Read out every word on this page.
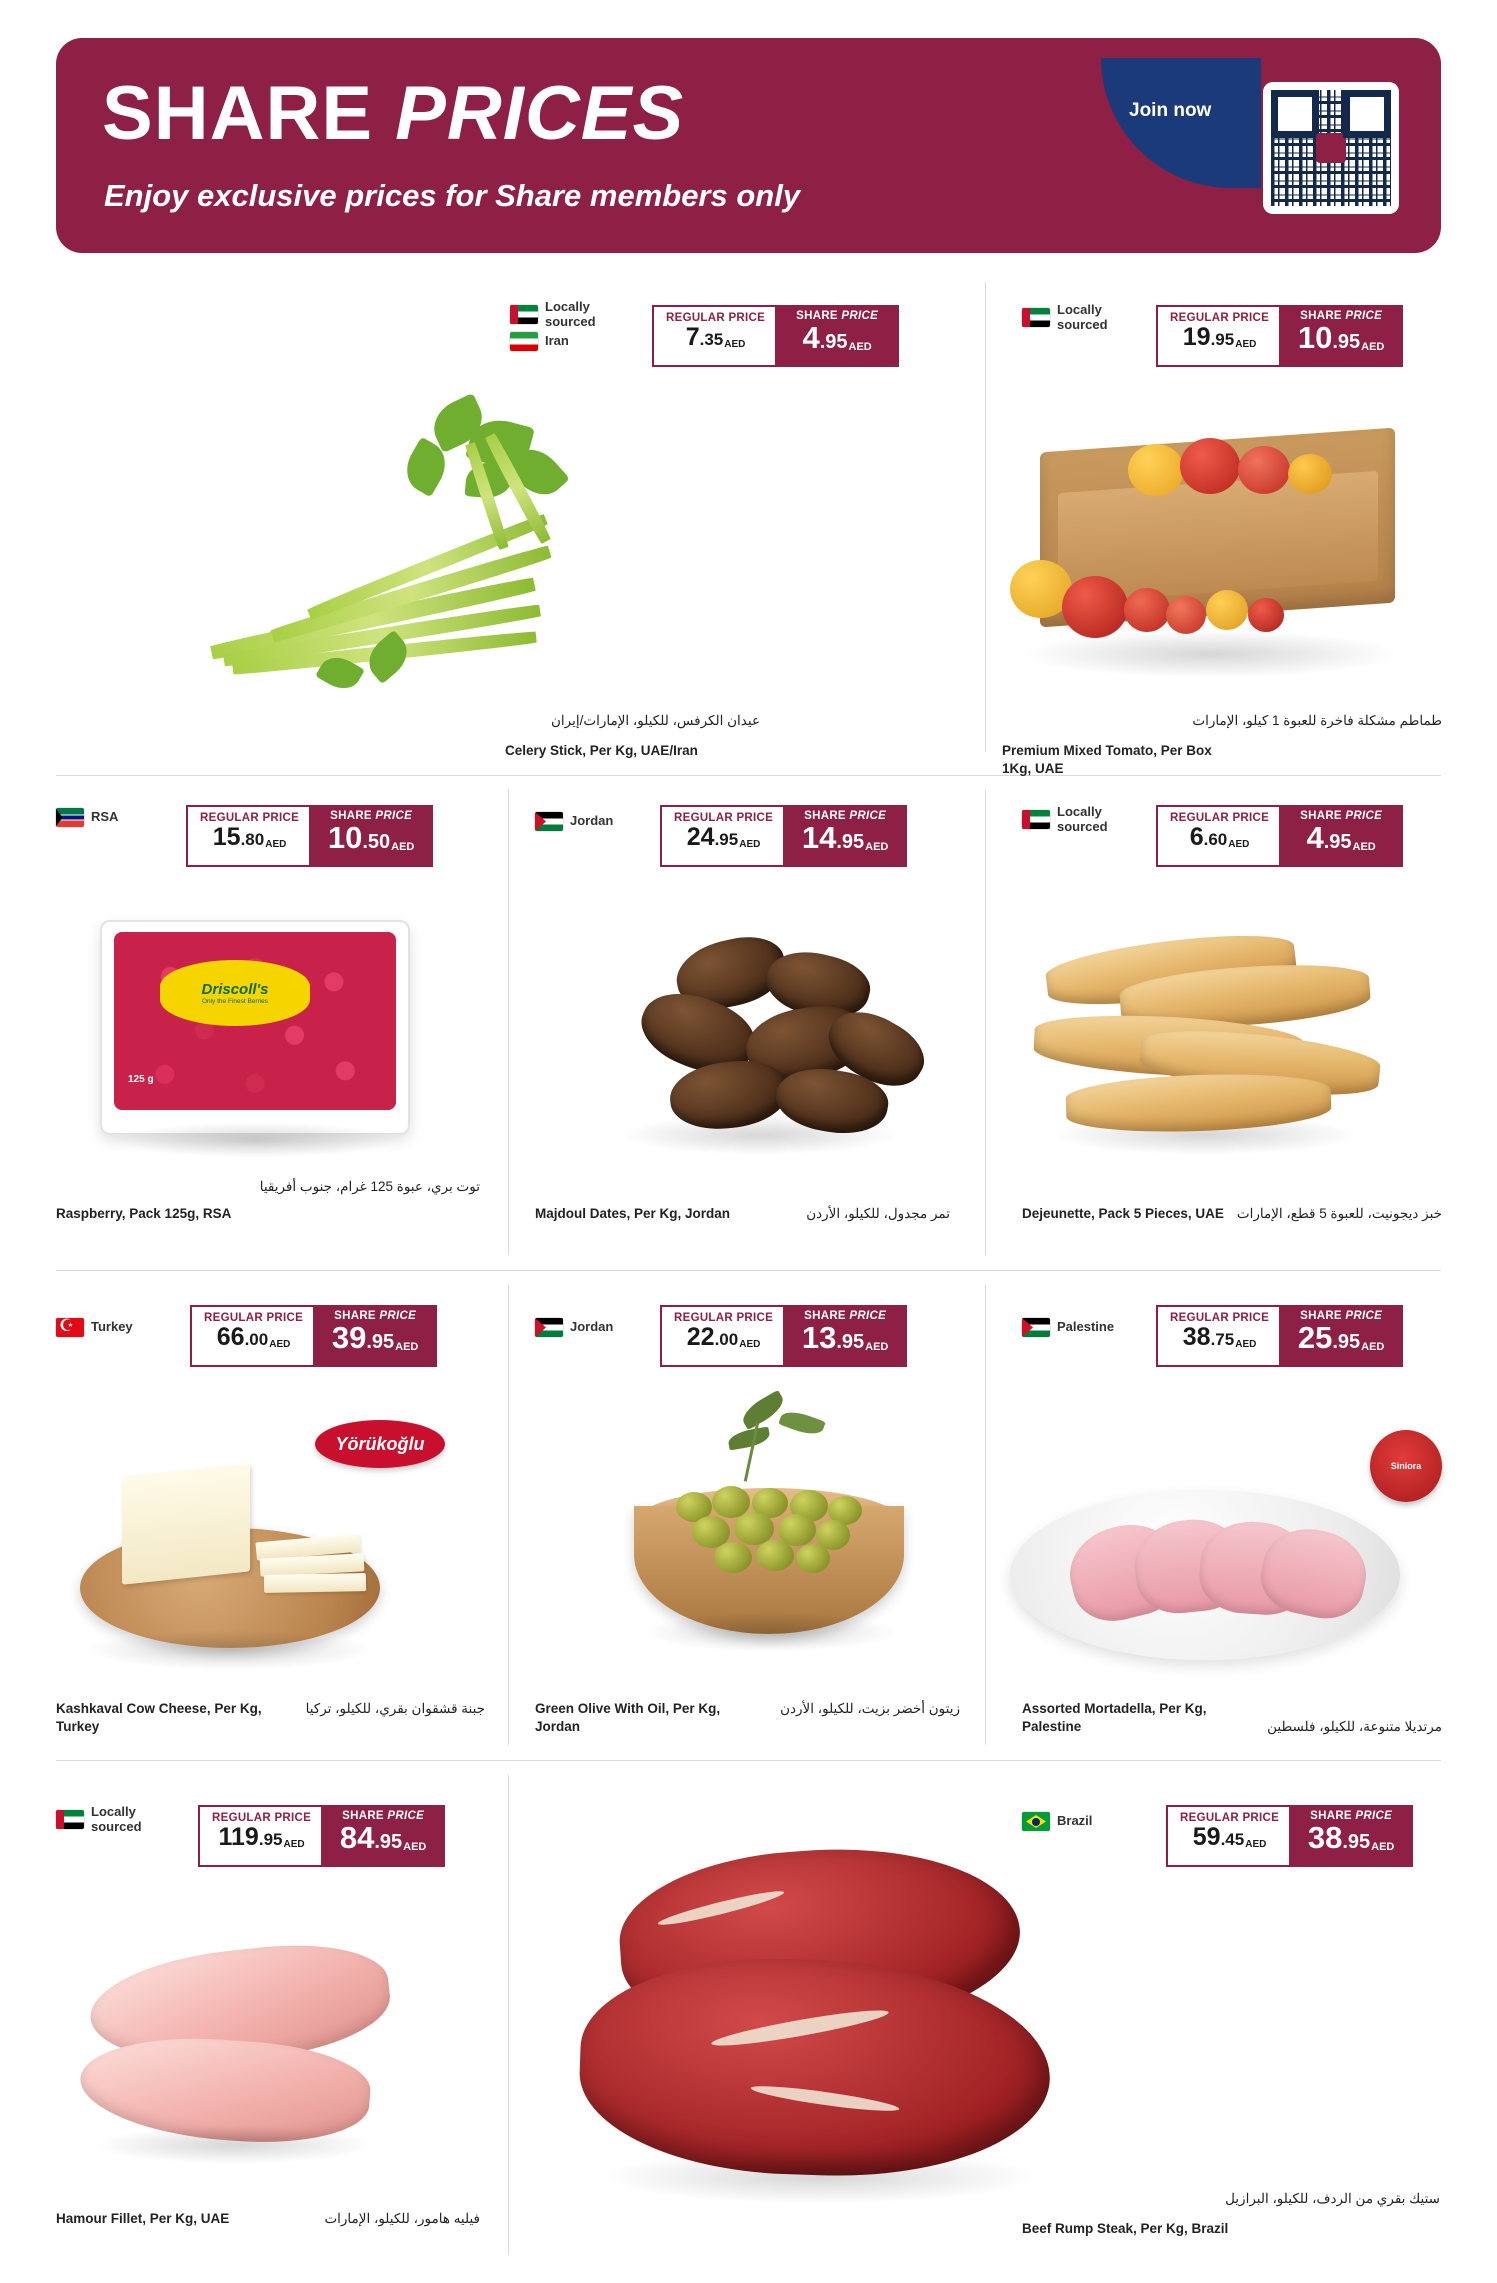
SHARE PRICES
Enjoy exclusive prices for Share members only
Join now
Locally
sourced
Iran
REGULAR PRICE
7.35AED
SHARE PRICE
4.95AED
Celery Stick, Per Kg, UAE/Iran
عيدان الكرفس، للكيلو، الإمارات/إيران
Locally
sourced	REGULAR PRICE
19.95AED
SHARE PRICE
10.95AED
Premium Mixed Tomato, Per Box 1Kg, UAE
طماطم مشكلة فاخرة للعبوة 1 كيلو، الإمارات
RSA	REGULAR PRICE
15.80AED
SHARE PRICE
10.50AED
Driscoll's
Only the Finest Berries
125 g
Raspberry, Pack 125g, RSA
توت بري، عبوة 125 غرام، جنوب أفريقيا
Jordan	REGULAR PRICE
24.95AED
SHARE PRICE
14.95AED
Majdoul Dates, Per Kg, Jordan	تمر مجدول، للكيلو، الأردن
Locally
sourced
REGULAR PRICE
6.60AED
SHARE PRICE
4.95AED
Dejeunette, Pack 5 Pieces, UAE خبز ديجونيت، للعبوة 5 قطع، الإمارات
☪
Turkey
REGULAR PRICE
66.00AED
SHARE PRICE
39.95AED
Yörükoğlu
Kashkaval Cow Cheese, Per Kg, Turkey
جبنة قشقوان بقري، للكيلو، تركيا
Jordan
REGULAR PRICE
22.00AED
SHARE PRICE
13.95AED
Green Olive With Oil, Per Kg, Jordan
زيتون أخضر بزيت، للكيلو، الأردن
Palestine
REGULAR PRICE
38.75AED
SHARE PRICE
25.95AED
Siniora
Assorted Mortadella, Per Kg, Palestine	مرتديلا متنوعة، للكيلو، فلسطين
Locally
sourced
REGULAR PRICE
119.95AED
SHARE PRICE
84.95AED
Hamour Fillet, Per Kg, UAE	فيليه هامور، للكيلو، الإمارات
Brazil	REGULAR PRICE
59.45AED
SHARE PRICE
38.95AED
Beef Rump Steak, Per Kg, Brazil
ستيك بقري من الردف، للكيلو، البرازيل
